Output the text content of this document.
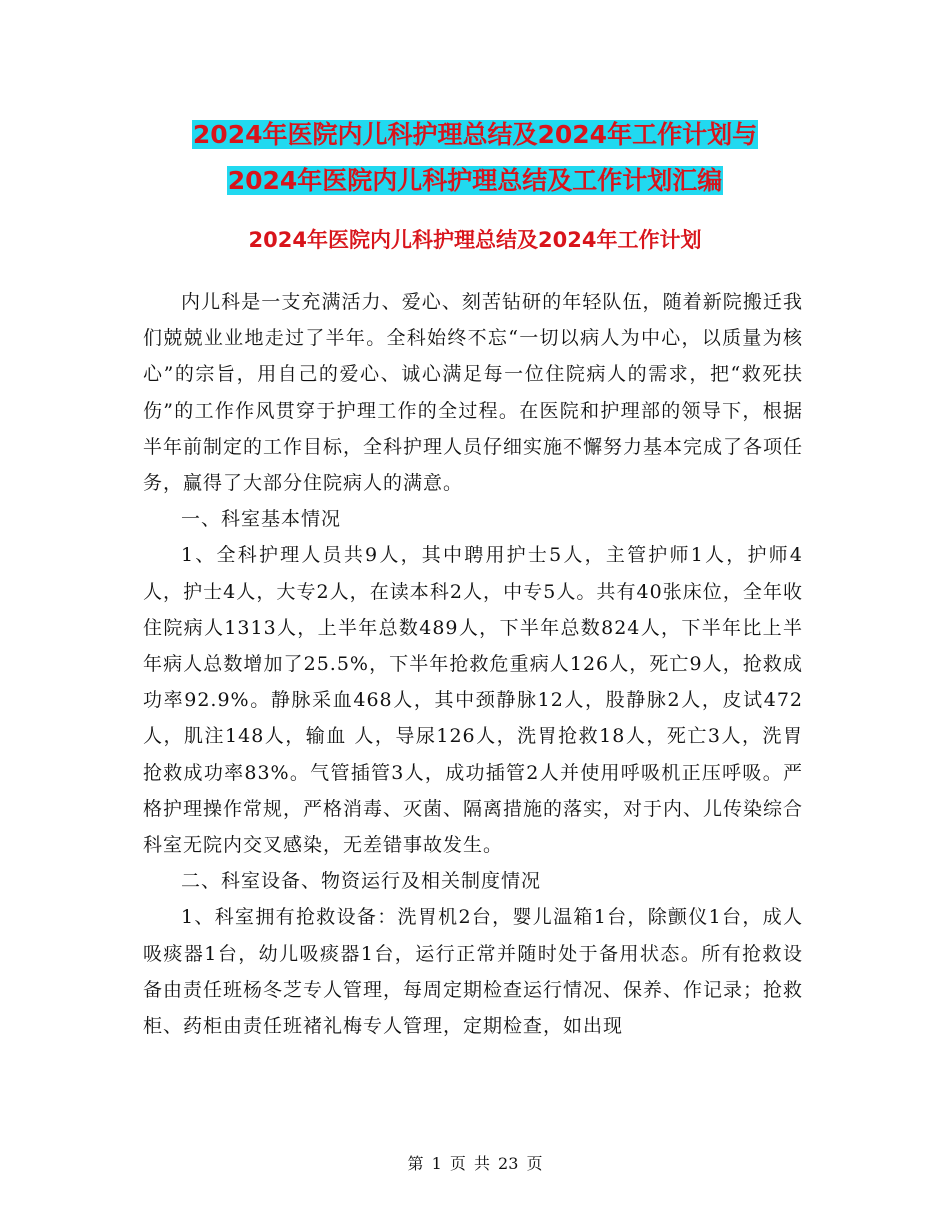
2024年医院内儿科护理总结及2024年工作计划与
2024年医院内儿科护理总结及工作计划汇编
2024年医院内儿科护理总结及2024年工作计划

内儿科是一支充满活力、爱心、刻苦钻研的年轻队伍，随着新院搬迁我们兢兢业业地走过了半年。全科始终不忘“一切以病人为中心，以质量为核心”的宗旨，用自己的爱心、诚心满足每一位住院病人的需求，把“救死扶伤”的工作作风贯穿于护理工作的全过程。在医院和护理部的领导下，根据半年前制定的工作目标，全科护理人员仔细实施不懈努力基本完成了各项任务，赢得了大部分住院病人的满意。

一、科室基本情况

1、全科护理人员共9人，其中聘用护士5人，主管护师1人，护师4人，护士4人，大专2人，在读本科2人，中专5人。共有40张床位，全年收住院病人1313人，上半年总数489人，下半年总数824人，下半年比上半年病人总数增加了25.5%，下半年抢救危重病人126人，死亡9人，抢救成功率92.9%。静脉采血468人，其中颈静脉12人，股静脉2人，皮试472人，肌注148人，输血 人，导尿126人，洗胃抢救18人，死亡3人，洗胃抢救成功率83%。气管插管3人，成功插管2人并使用呼吸机正压呼吸。严格护理操作常规，严格消毒、灭菌、隔离措施的落实，对于内、儿传染综合科室无院内交叉感染，无差错事故发生。

二、科室设备、物资运行及相关制度情况

1、科室拥有抢救设备：洗胃机2台，婴儿温箱1台，除颤仪1台，成人吸痰器1台，幼儿吸痰器1台，运行正常并随时处于备用状态。所有抢救设备由责任班杨冬芝专人管理，每周定期检查运行情况、保养、作记录；抢救柜、药柜由责任班褚礼梅专人管理，定期检查，如出现

第 1 页 共 23 页
